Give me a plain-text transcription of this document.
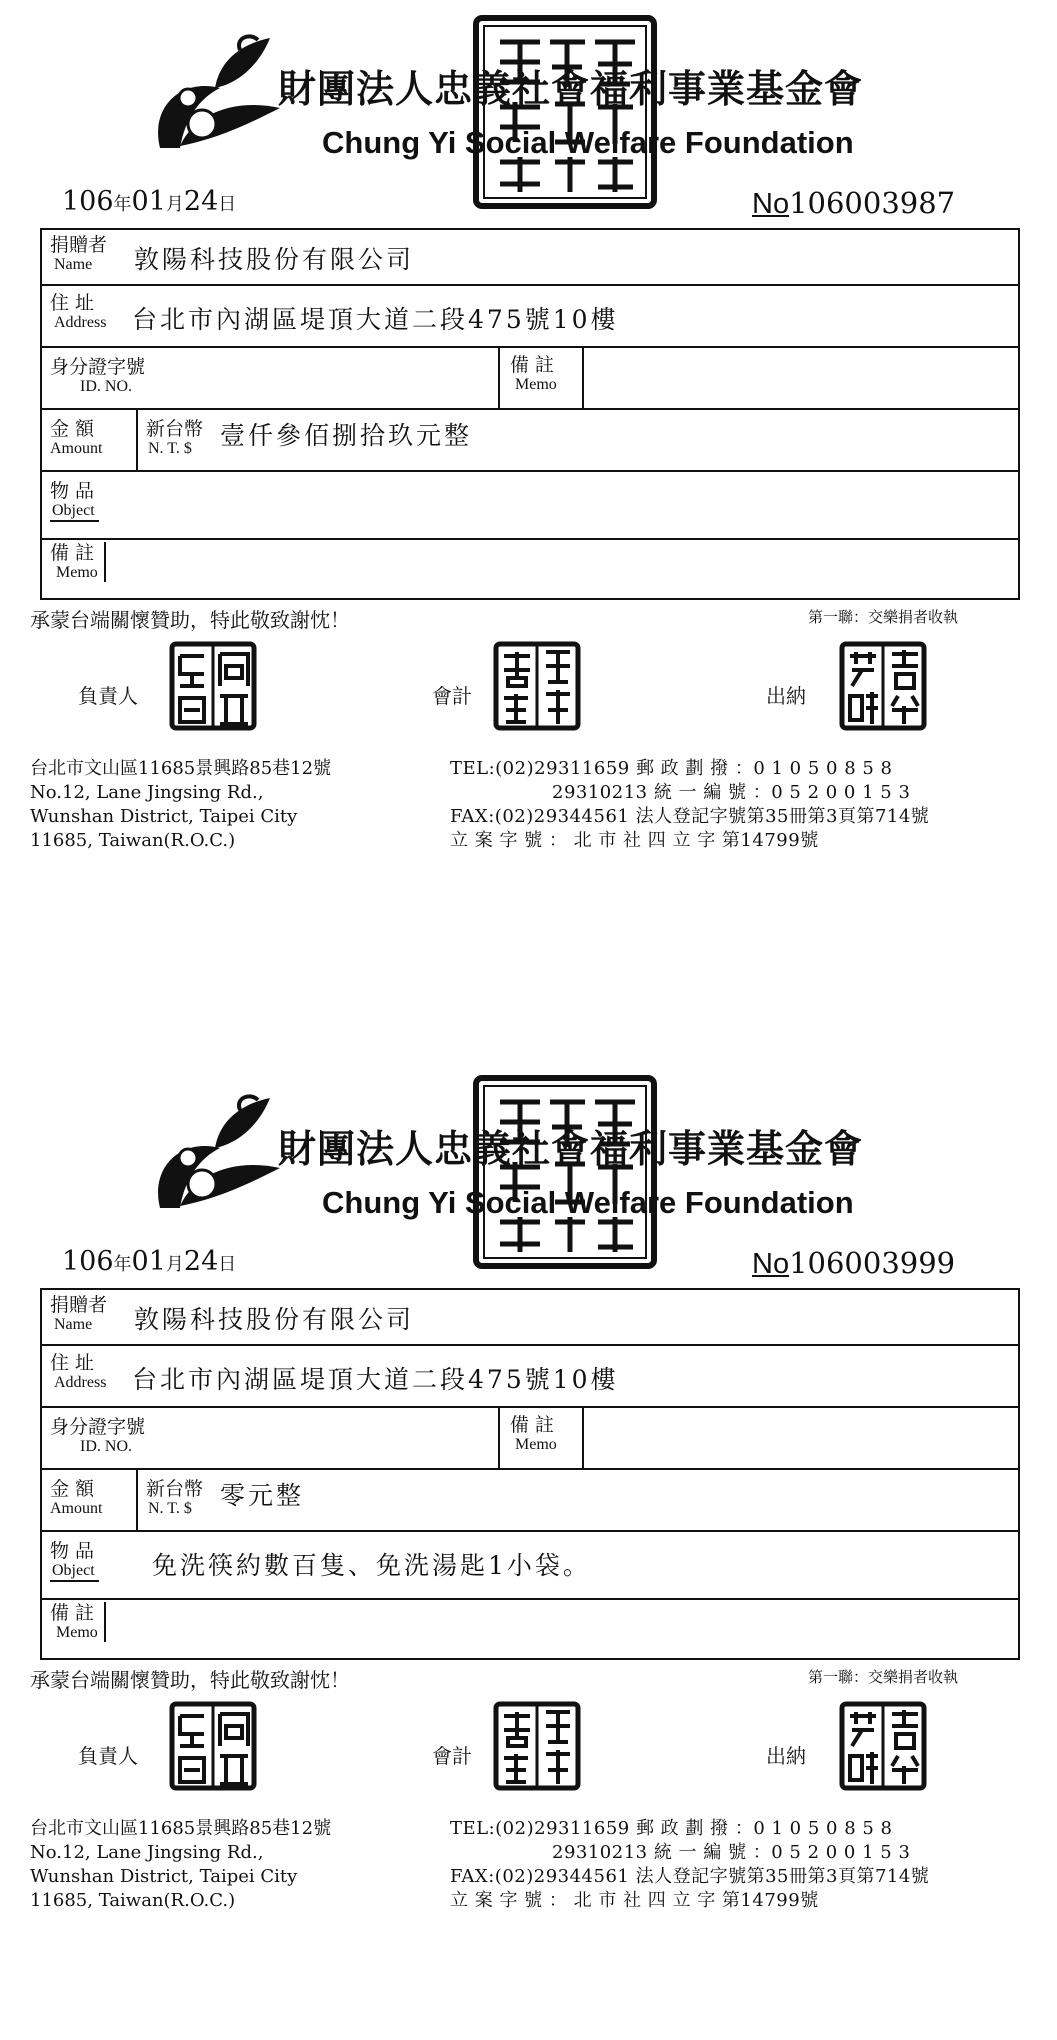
財團法人忠義社會福利事業基金會
Chung Yi Social Welfare Foundation
106年01月24日	No106003987
捐贈者
Name	敦陽科技股份有限公司
住 址
Address 台北市內湖區堤頂大道二段475號10樓
身分證字號
ID. NO.
備 註
Memo
金 額
Amount
新台幣
N. T. $	壹仟參佰捌拾玖元整
物 品
Object
備 註
Memo
承蒙台端關懷贊助，特此敬致謝忱！	第一聯：交樂捐者收執
負責人	會計	出納
台北市文山區11685景興路85巷12號
No.12, Lane Jingsing Rd.,
Wunshan District, Taipei City
11685, Taiwan(R.O.C.)
TEL:(02)29311659 郵 政 劃 撥 ：0 1 0 5 0 8 5 8
29310213 統 一 編 號 ：0 5 2 0 0 1 5 3
FAX:(02)29344561 法人登記字號第35冊第3頁第714號
立 案 字 號 ： 北 市 社 四 立 字 第14799號
財團法人忠義社會福利事業基金會
Chung Yi Social Welfare Foundation
106年01月24日	No106003999
捐贈者
Name	敦陽科技股份有限公司
住 址
Address 台北市內湖區堤頂大道二段475號10樓
身分證字號
ID. NO.
備 註
Memo
金 額
Amount
新台幣
N. T. $	零元整
物 品
Object 免洗筷約數百隻、免洗湯匙1小袋。
備 註
Memo
承蒙台端關懷贊助，特此敬致謝忱！	第一聯：交樂捐者收執
負責人	會計	出納
台北市文山區11685景興路85巷12號
No.12, Lane Jingsing Rd.,
Wunshan District, Taipei City
11685, Taiwan(R.O.C.)
TEL:(02)29311659 郵 政 劃 撥 ：0 1 0 5 0 8 5 8
29310213 統 一 編 號 ：0 5 2 0 0 1 5 3
FAX:(02)29344561 法人登記字號第35冊第3頁第714號
立 案 字 號 ： 北 市 社 四 立 字 第14799號
